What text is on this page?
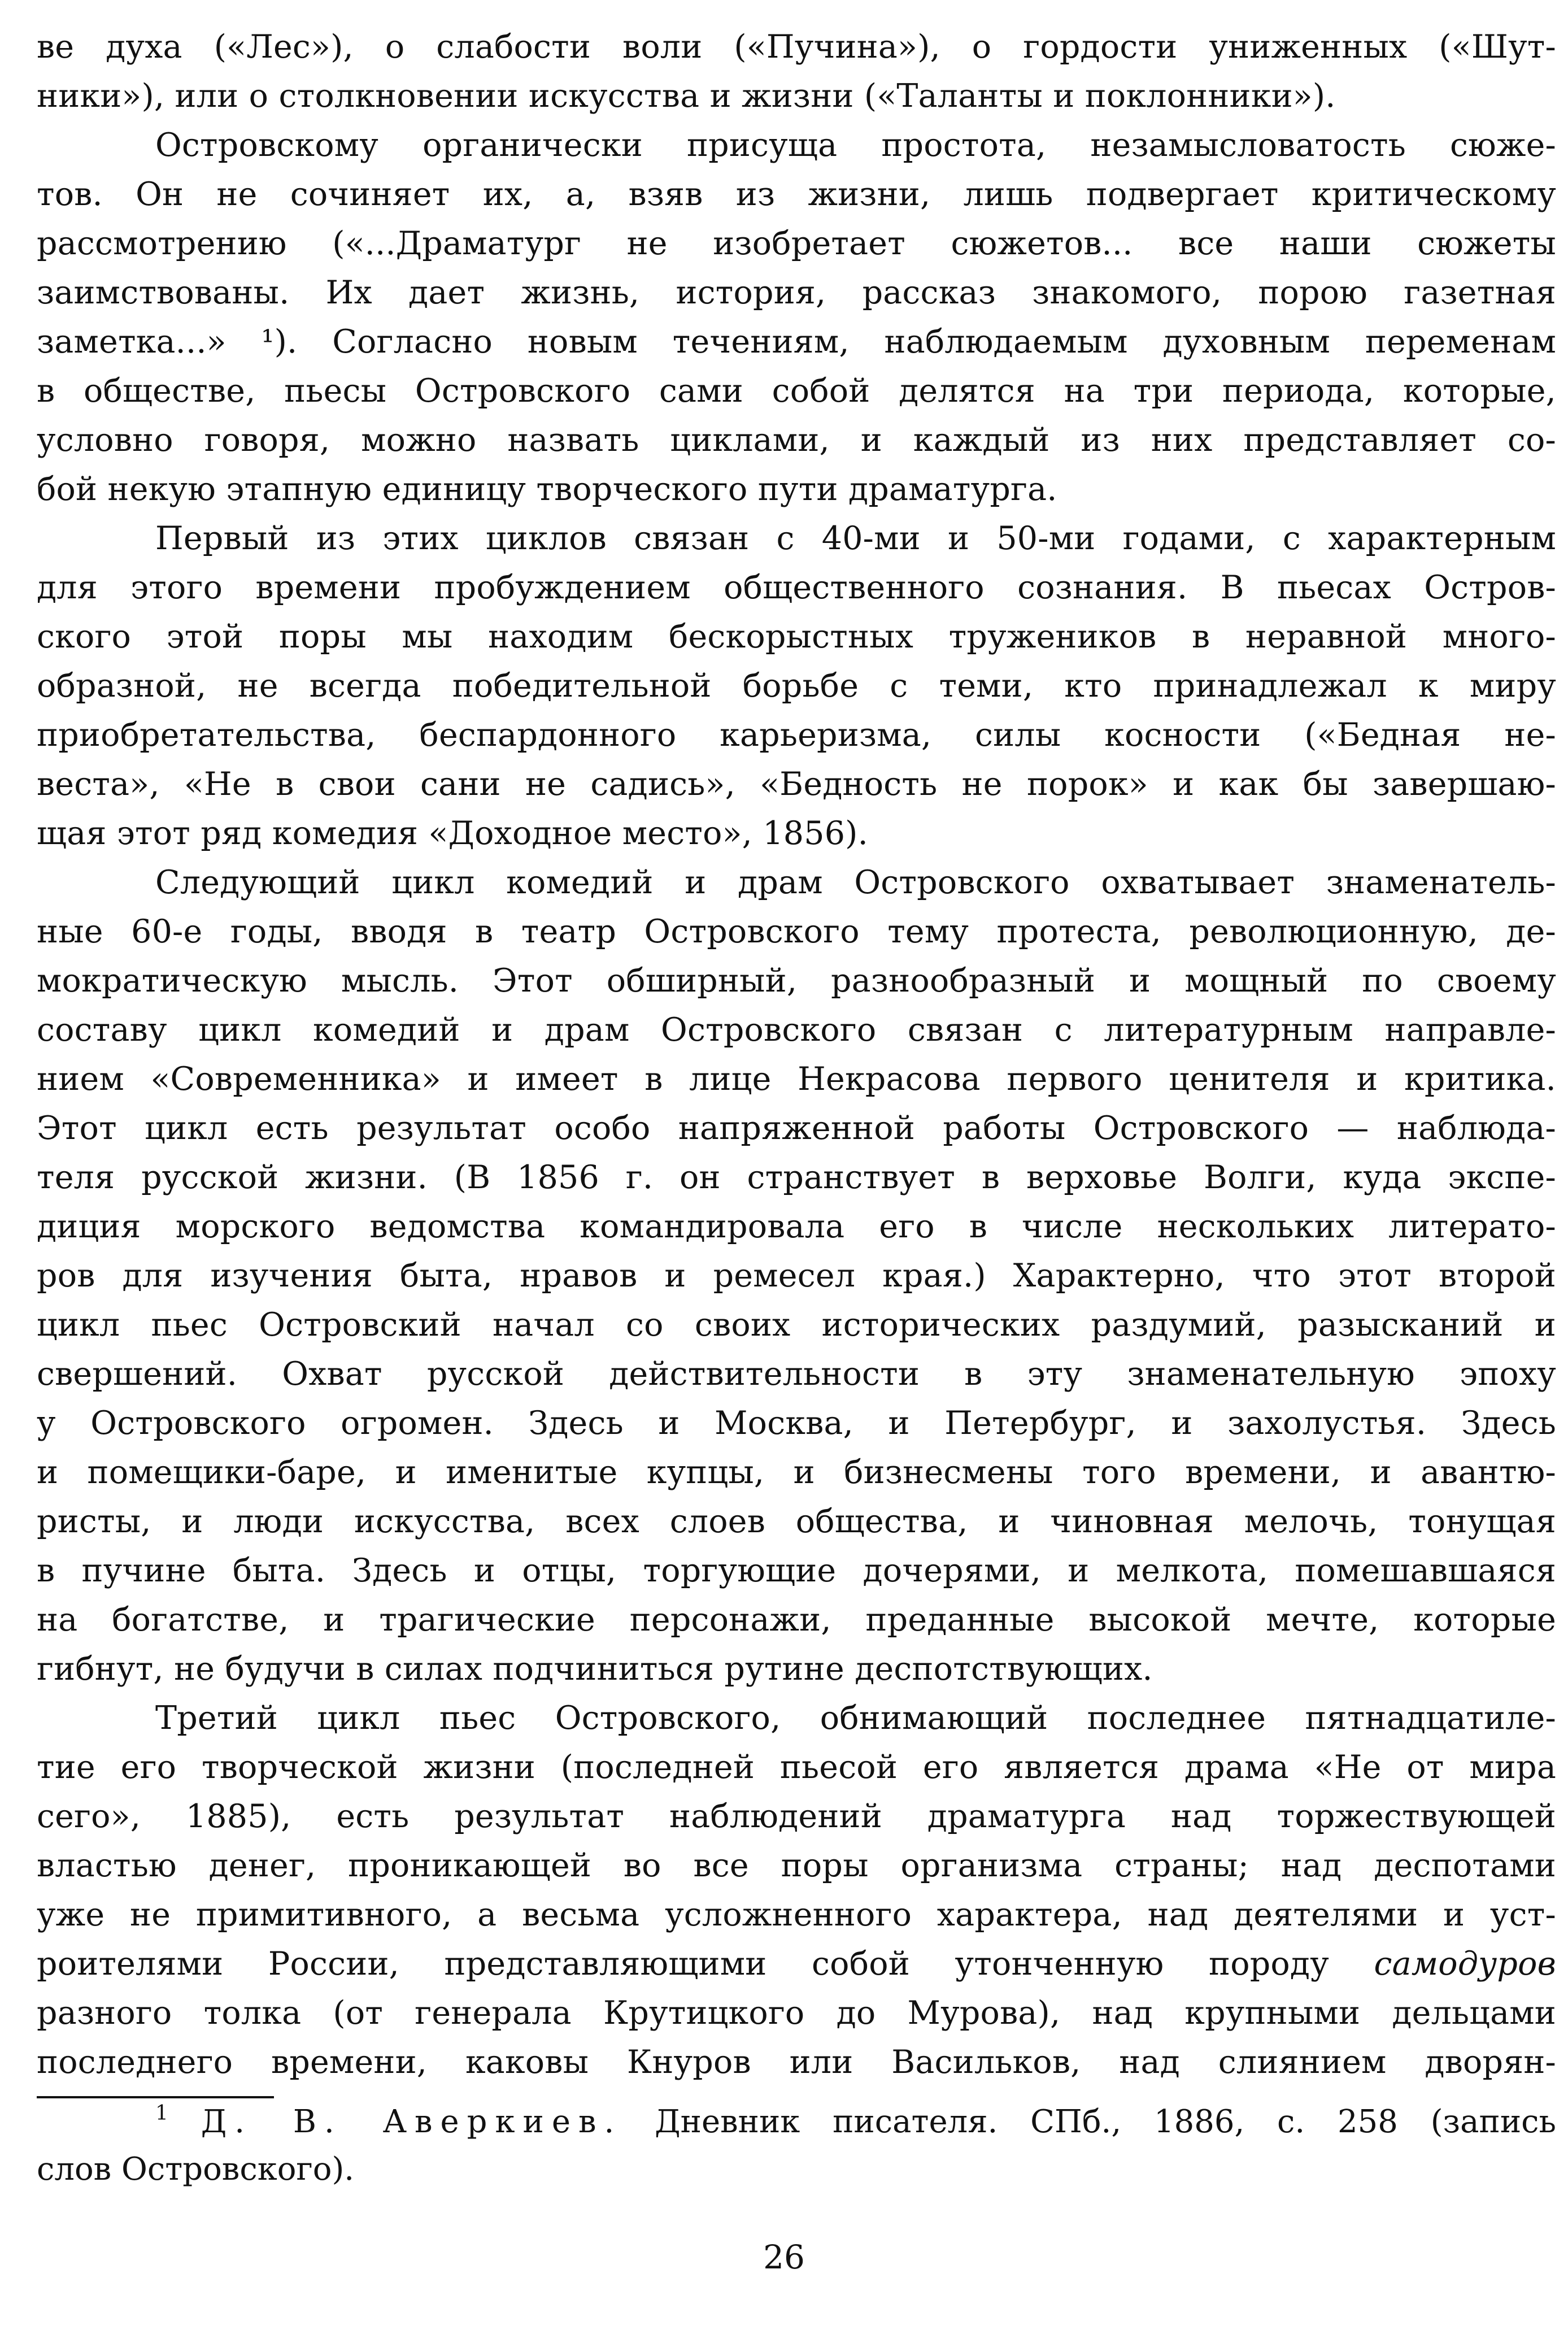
ве духа («Лес»), о слабости воли («Пучина»), о гордости униженных («Шут-
ники»), или о столкновении искусства и жизни («Таланты и поклонники»).
Островскому органически присуща простота, незамысловатость сюже-
тов. Он не сочиняет их, а, взяв из жизни, лишь подвергает критическому
рассмотрению («...Драматург не изобретает сюжетов... все наши сюжеты
заимствованы. Их дает жизнь, история, рассказ знакомого, порою газетная
заметка...» ¹). Согласно новым течениям, наблюдаемым духовным переменам
в обществе, пьесы Островского сами собой делятся на три периода, которые,
условно говоря, можно назвать циклами, и каждый из них представляет со-
бой некую этапную единицу творческого пути драматурга.
Первый из этих циклов связан с 40-ми и 50-ми годами, с характерным
для этого времени пробуждением общественного сознания. В пьесах Остров-
ского этой поры мы находим бескорыстных тружеников в неравной много-
образной, не всегда победительной борьбе с теми, кто принадлежал к миру
приобретательства, беспардонного карьеризма, силы косности («Бедная не-
веста», «Не в свои сани не садись», «Бедность не порок» и как бы завершаю-
щая этот ряд комедия «Доходное место», 1856).
Следующий цикл комедий и драм Островского охватывает знаменатель-
ные 60-е годы, вводя в театр Островского тему протеста, революционную, де-
мократическую мысль. Этот обширный, разнообразный и мощный по своему
составу цикл комедий и драм Островского связан с литературным направле-
нием «Современника» и имеет в лице Некрасова первого ценителя и критика.
Этот цикл есть результат особо напряженной работы Островского — наблюда-
теля русской жизни. (В 1856 г. он странствует в верховье Волги, куда экспе-
диция морского ведомства командировала его в числе нескольких литерато-
ров для изучения быта, нравов и ремесел края.) Характерно, что этот второй
цикл пьес Островский начал со своих исторических раздумий, разысканий и
свершений. Охват русской действительности в эту знаменательную эпоху
у Островского огромен. Здесь и Москва, и Петербург, и захолустья. Здесь
и помещики-баре, и именитые купцы, и бизнесмены того времени, и авантю-
ристы, и люди искусства, всех слоев общества, и чиновная мелочь, тонущая
в пучине быта. Здесь и отцы, торгующие дочерями, и мелкота, помешавшаяся
на богатстве, и трагические персонажи, преданные высокой мечте, которые
гибнут, не будучи в силах подчиниться рутине деспотствующих.
Третий цикл пьес Островского, обнимающий последнее пятнадцатиле-
тие его творческой жизни (последней пьесой его является драма «Не от мира
сего», 1885), есть результат наблюдений драматурга над торжествующей
властью денег, проникающей во все поры организма страны; над деспотами
уже не примитивного, а весьма усложненного характера, над деятелями и уст-
роителями России, представляющими собой утонченную породу самодуров
разного толка (от генерала Крутицкого до Мурова), над крупными дельцами
последнего времени, каковы Кнуров или Васильков, над слиянием дворян-
$^1$ Д. В. Аверкиев. Дневник писателя. СПб., 1886, с. 258 (запись
слов Островского).
26
